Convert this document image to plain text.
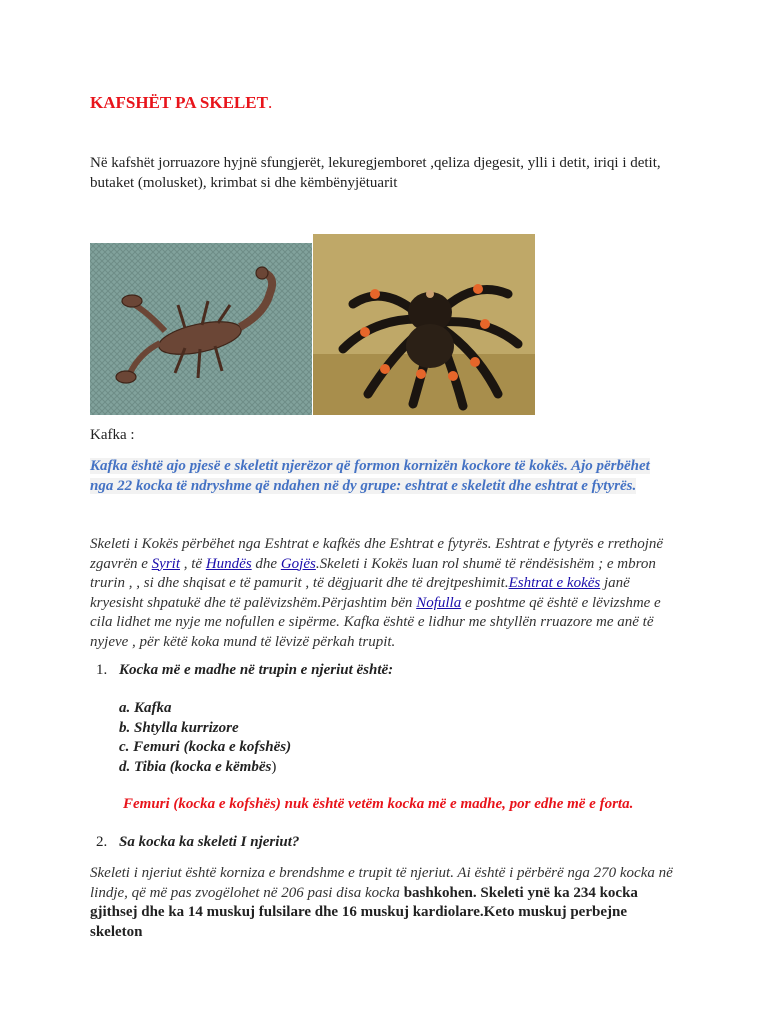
KAFSHËT PA SKELET.

Në kafshët jorruazore hyjnë sfungjerët, lekuregjemboret ,qeliza djegesit, ylli i detit, iriqi i detit, butaket (molusket), krimbat si dhe këmbënyjëtuarit

Kafka :

Kafka është ajo pjesë e skeletit njerëzor që formon kornizën kockore të kokës. Ajo përbëhet nga 22 kocka të ndryshme që ndahen në dy grupe: eshtrat e skeletit dhe eshtrat e fytyrës.

Skeleti i Kokës përbëhet nga Eshtrat e kafkës dhe Eshtrat e fytyrës. Eshtrat e fytyrës e rrethojnë zgavrën e Syrit , të Hundës dhe Gojës.Skeleti i Kokës luan rol shumë të rëndësishëm ; e mbron trurin , , si dhe shqisat e të pamurit , të dëgjuarit dhe të drejtpeshimit.Eshtrat e kokës janë kryesisht shpatukë dhe të palëvizshëm.Përjashtim bën Nofulla e poshtme që është e lëvizshme e cila lidhet me nyje me nofullen e sipërme. Kafka është e lidhur me shtyllën rruazore me anë të nyjeve , për këtë koka mund të lëvizë përkah trupit.

1. Kocka më e madhe në trupin e njeriut është:
a. Kafka
b. Shtylla kurrizore
c. Femuri (kocka e kofshës)
d. Tibia (kocka e këmbës)

Femuri (kocka e kofshës) nuk është vetëm kocka më e madhe, por edhe më e forta.

2. Sa kocka ka skeleti I njeriut?

Skeleti i njeriut është korniza e brendshme e trupit të njeriut. Ai është i përbërë nga 270 kocka në lindje, që më pas zvogëlohet në 206 pasi disa kocka bashkohen. Skeleti ynë ka 234 kocka gjithsej dhe ka 14 muskuj fulsilare dhe 16 muskuj kardiolare.Keto muskuj perbejne skeleton
